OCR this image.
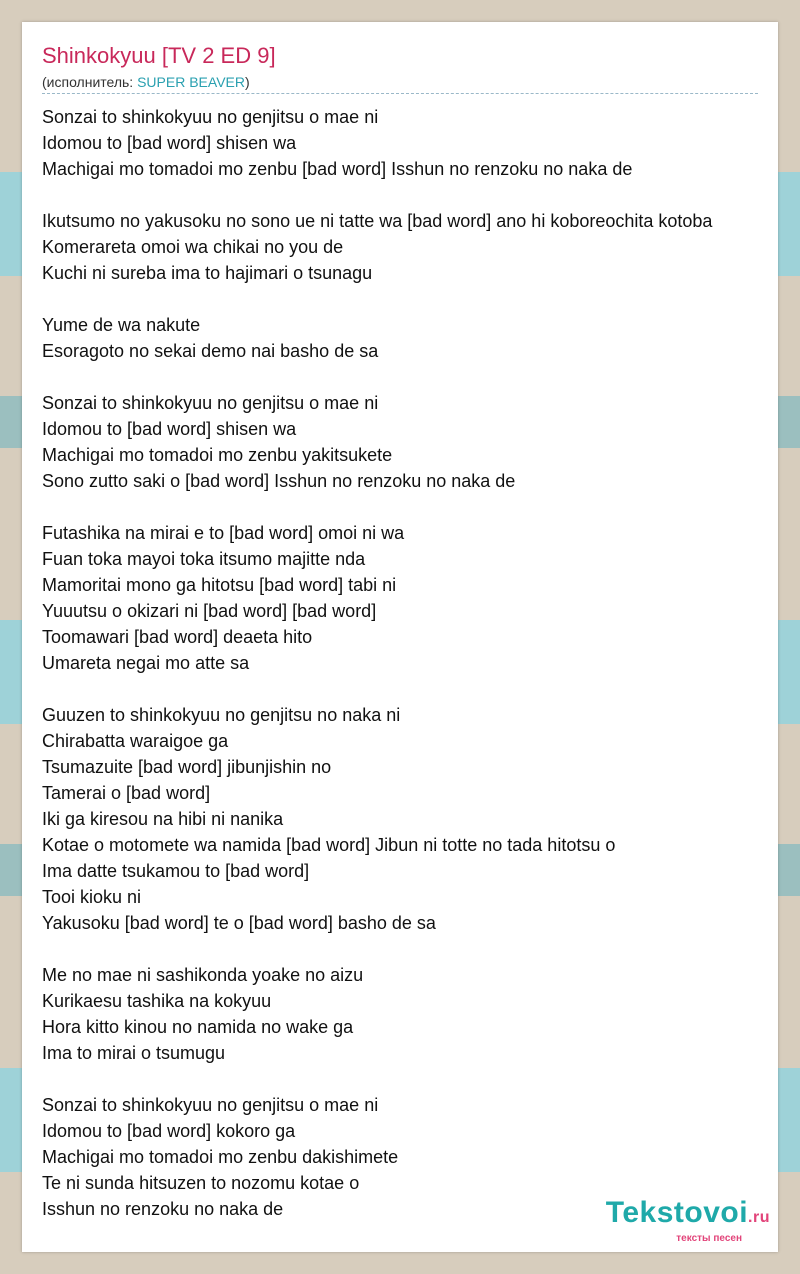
Shinkokyuu [TV 2 ED 9]
(исполнитель: SUPER BEAVER)
Sonzai to shinkokyuu no genjitsu o mae ni
Idomou to [bad word] shisen wa
Machigai mo tomadoi mo zenbu [bad word] Isshun no renzoku no naka de
Ikutsumo no yakusoku no sono ue ni tatte wa [bad word] ano hi koboreochita kotoba
Komerareta omoi wa chikai no you de
Kuchi ni sureba ima to hajimari o tsunagu
Yume de wa nakute
Esoragoto no sekai demo nai basho de sa
Sonzai to shinkokyuu no genjitsu o mae ni
Idomou to [bad word] shisen wa
Machigai mo tomadoi mo zenbu yakitsukete
Sono zutto saki o [bad word] Isshun no renzoku no naka de
Futashika na mirai e to [bad word] omoi ni wa
Fuan toka mayoi toka itsumo majitte nda
Mamoritai mono ga hitotsu [bad word] tabi ni
Yuuutsu o okizari ni [bad word] [bad word]
Toomawari [bad word] deaeta hito
Umareta negai mo atte sa
Guuzen to shinkokyuu no genjitsu no naka ni
Chirabatta waraigoe ga
Tsumazuite [bad word] jibunjishin no
Tamerai o [bad word]
Iki ga kiresou na hibi ni nanika
Kotae o motomete wa namida [bad word] Jibun ni totte no tada hitotsu o
Ima datte tsukamou to [bad word]
Tooi kioku ni
Yakusoku [bad word] te o [bad word] basho de sa
Me no mae ni sashikonda yoake no aizu
Kurikaesu tashika na kokyuu
Hora kitto kinou no namida no wake ga
Ima to mirai o tsumugu
Sonzai to shinkokyuu no genjitsu o mae ni
Idomou to [bad word] kokoro ga
Machigai mo tomadoi mo zenbu dakishimete
Te ni sunda hitsuzen to nozomu kotae o
Isshun no renzoku no naka de	Tekstovoi.ru
тексты песен
